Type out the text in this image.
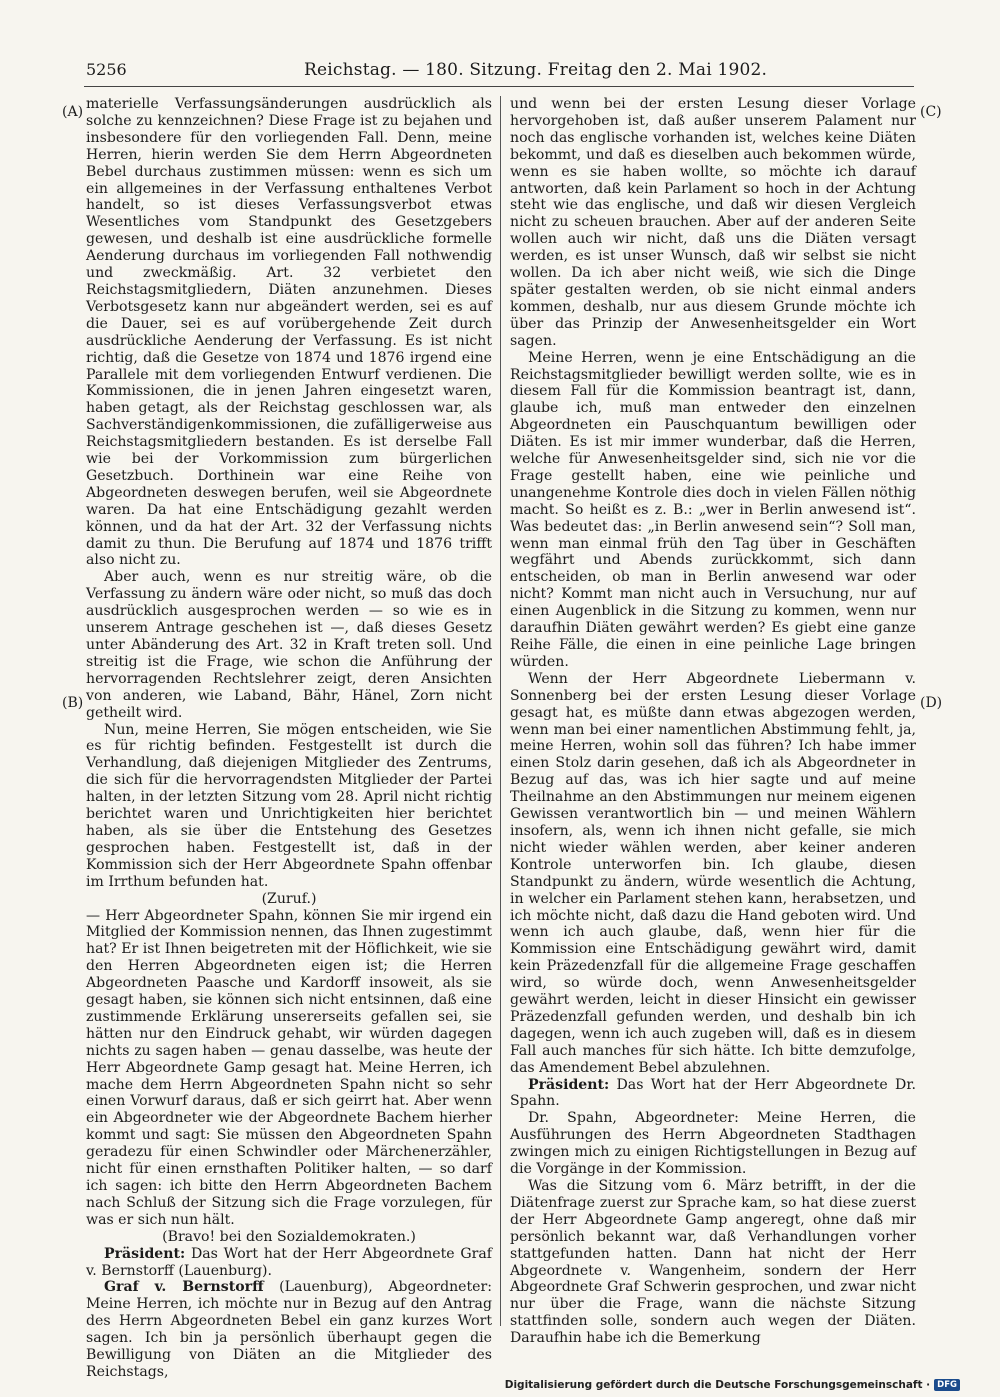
5256	Reichstag. — 180. Sitzung. Freitag den 2. Mai 1902.
(A)
(B)
(C)
(D)

materielle Verfassungsänderungen ausdrücklich als solche zu kennzeichnen? Diese Frage ist zu bejahen und insbesondere für den vorliegenden Fall. Denn, meine Herren, hierin werden Sie dem Herrn Abgeordneten Bebel durchaus zustimmen müssen: wenn es sich um ein allgemeines in der Verfassung enthaltenes Verbot handelt, so ist dieses Verfassungsverbot etwas Wesentliches vom Standpunkt des Gesetzgebers gewesen, und deshalb ist eine ausdrückliche formelle Aenderung durchaus im vorliegenden Fall nothwendig und zweckmäßig. Art. 32 verbietet den Reichstagsmitgliedern, Diäten anzunehmen. Dieses Verbotsgesetz kann nur abgeändert werden, sei es auf die Dauer, sei es auf vorübergehende Zeit durch ausdrückliche Aenderung der Verfassung. Es ist nicht richtig, daß die Gesetze von 1874 und 1876 irgend eine Parallele mit dem vorliegenden Entwurf verdienen. Die Kommissionen, die in jenen Jahren eingesetzt waren, haben getagt, als der Reichstag geschlossen war, als Sachverständigenkommissionen, die zufälligerweise aus Reichstagsmitgliedern bestanden. Es ist derselbe Fall wie bei der Vorkommission zum bürgerlichen Gesetzbuch. Dorthinein war eine Reihe von Abgeordneten deswegen berufen, weil sie Abgeordnete waren. Da hat eine Entschädigung gezahlt werden können, und da hat der Art. 32 der Verfassung nichts damit zu thun. Die Berufung auf 1874 und 1876 trifft also nicht zu.

Aber auch, wenn es nur streitig wäre, ob die Verfassung zu ändern wäre oder nicht, so muß das doch ausdrücklich ausgesprochen werden — so wie es in unserem Antrage geschehen ist —, daß dieses Gesetz unter Abänderung des Art. 32 in Kraft treten soll. Und streitig ist die Frage, wie schon die Anführung der hervorragenden Rechtslehrer zeigt, deren Ansichten von anderen, wie Laband, Bähr, Hänel, Zorn nicht getheilt wird.

Nun, meine Herren, Sie mögen entscheiden, wie Sie es für richtig befinden. Festgestellt ist durch die Verhandlung, daß diejenigen Mitglieder des Zentrums, die sich für die hervorragendsten Mitglieder der Partei halten, in der letzten Sitzung vom 28. April nicht richtig berichtet waren und Unrichtigkeiten hier berichtet haben, als sie über die Entstehung des Gesetzes gesprochen haben. Festgestellt ist, daß in der Kommission sich der Herr Abgeordnete Spahn offenbar im Irrthum befunden hat.

(Zuruf.)

— Herr Abgeordneter Spahn, können Sie mir irgend ein Mitglied der Kommission nennen, das Ihnen zugestimmt hat? Er ist Ihnen beigetreten mit der Höflichkeit, wie sie den Herren Abgeordneten eigen ist; die Herren Abgeordneten Paasche und Kardorff insoweit, als sie gesagt haben, sie können sich nicht entsinnen, daß eine zustimmende Erklärung unsererseits gefallen sei, sie hätten nur den Eindruck gehabt, wir würden dagegen nichts zu sagen haben — genau dasselbe, was heute der Herr Abgeordnete Gamp gesagt hat. Meine Herren, ich mache dem Herrn Abgeordneten Spahn nicht so sehr einen Vorwurf daraus, daß er sich geirrt hat. Aber wenn ein Abgeordneter wie der Abgeordnete Bachem hierher kommt und sagt: Sie müssen den Abgeordneten Spahn geradezu für einen Schwindler oder Märchenerzähler, nicht für einen ernsthaften Politiker halten, — so darf ich sagen: ich bitte den Herrn Abgeordneten Bachem nach Schluß der Sitzung sich die Frage vorzulegen, für was er sich nun hält.

(Bravo! bei den Sozialdemokraten.)

Präsident: Das Wort hat der Herr Abgeordnete Graf v. Bernstorff (Lauenburg).

Graf v. Bernstorff (Lauenburg), Abgeordneter: Meine Herren, ich möchte nur in Bezug auf den Antrag des Herrn Abgeordneten Bebel ein ganz kurzes Wort sagen. Ich bin ja persönlich überhaupt gegen die Bewilligung von Diäten an die Mitglieder des Reichstags,

und wenn bei der ersten Lesung dieser Vorlage hervorgehoben ist, daß außer unserem Palament nur noch das englische vorhanden ist, welches keine Diäten bekommt, und daß es dieselben auch bekommen würde, wenn es sie haben wollte, so möchte ich darauf antworten, daß kein Parlament so hoch in der Achtung steht wie das englische, und daß wir diesen Vergleich nicht zu scheuen brauchen. Aber auf der anderen Seite wollen auch wir nicht, daß uns die Diäten versagt werden, es ist unser Wunsch, daß wir selbst sie nicht wollen. Da ich aber nicht weiß, wie sich die Dinge später gestalten werden, ob sie nicht einmal anders kommen, deshalb, nur aus diesem Grunde möchte ich über das Prinzip der Anwesenheitsgelder ein Wort sagen.

Meine Herren, wenn je eine Entschädigung an die Reichstagsmitglieder bewilligt werden sollte, wie es in diesem Fall für die Kommission beantragt ist, dann, glaube ich, muß man entweder den einzelnen Abgeordneten ein Pauschquantum bewilligen oder Diäten. Es ist mir immer wunderbar, daß die Herren, welche für Anwesenheitsgelder sind, sich nie vor die Frage gestellt haben, eine wie peinliche und unangenehme Kontrole dies doch in vielen Fällen nöthig macht. So heißt es z. B.: „wer in Berlin anwesend ist“. Was bedeutet das: „in Berlin anwesend sein“? Soll man, wenn man einmal früh den Tag über in Geschäften wegfährt und Abends zurückkommt, sich dann entscheiden, ob man in Berlin anwesend war oder nicht? Kommt man nicht auch in Versuchung, nur auf einen Augenblick in die Sitzung zu kommen, wenn nur daraufhin Diäten gewährt werden? Es giebt eine ganze Reihe Fälle, die einen in eine peinliche Lage bringen würden.

Wenn der Herr Abgeordnete Liebermann v. Sonnenberg bei der ersten Lesung dieser Vorlage gesagt hat, es müßte dann etwas abgezogen werden, wenn man bei einer namentlichen Abstimmung fehlt, ja, meine Herren, wohin soll das führen? Ich habe immer einen Stolz darin gesehen, daß ich als Abgeordneter in Bezug auf das, was ich hier sagte und auf meine Theilnahme an den Abstimmungen nur meinem eigenen Gewissen verantwortlich bin — und meinen Wählern insofern, als, wenn ich ihnen nicht gefalle, sie mich nicht wieder wählen werden, aber keiner anderen Kontrole unterworfen bin. Ich glaube, diesen Standpunkt zu ändern, würde wesentlich die Achtung, in welcher ein Parlament stehen kann, herabsetzen, und ich möchte nicht, daß dazu die Hand geboten wird. Und wenn ich auch glaube, daß, wenn hier für die Kommission eine Entschädigung gewährt wird, damit kein Präzedenzfall für die allgemeine Frage geschaffen wird, so würde doch, wenn Anwesenheitsgelder gewährt werden, leicht in dieser Hinsicht ein gewisser Präzedenzfall gefunden werden, und deshalb bin ich dagegen, wenn ich auch zugeben will, daß es in diesem Fall auch manches für sich hätte. Ich bitte demzufolge, das Amendement Bebel abzulehnen.

Präsident: Das Wort hat der Herr Abgeordnete Dr. Spahn.

Dr. Spahn, Abgeordneter: Meine Herren, die Ausführungen des Herrn Abgeordneten Stadthagen zwingen mich zu einigen Richtigstellungen in Bezug auf die Vorgänge in der Kommission.

Was die Sitzung vom 6. März betrifft, in der die Diätenfrage zuerst zur Sprache kam, so hat diese zuerst der Herr Abgeordnete Gamp angeregt, ohne daß mir persönlich bekannt war, daß Verhandlungen vorher stattgefunden hatten. Dann hat nicht der Herr Abgeordnete v. Wangenheim, sondern der Herr Abgeordnete Graf Schwerin gesprochen, und zwar nicht nur über die Frage, wann die nächste Sitzung stattfinden solle, sondern auch wegen der Diäten. Daraufhin habe ich die Bemerkung

Digitalisierung gefördert durch die Deutsche Forschungsgemeinschaft · DFG
